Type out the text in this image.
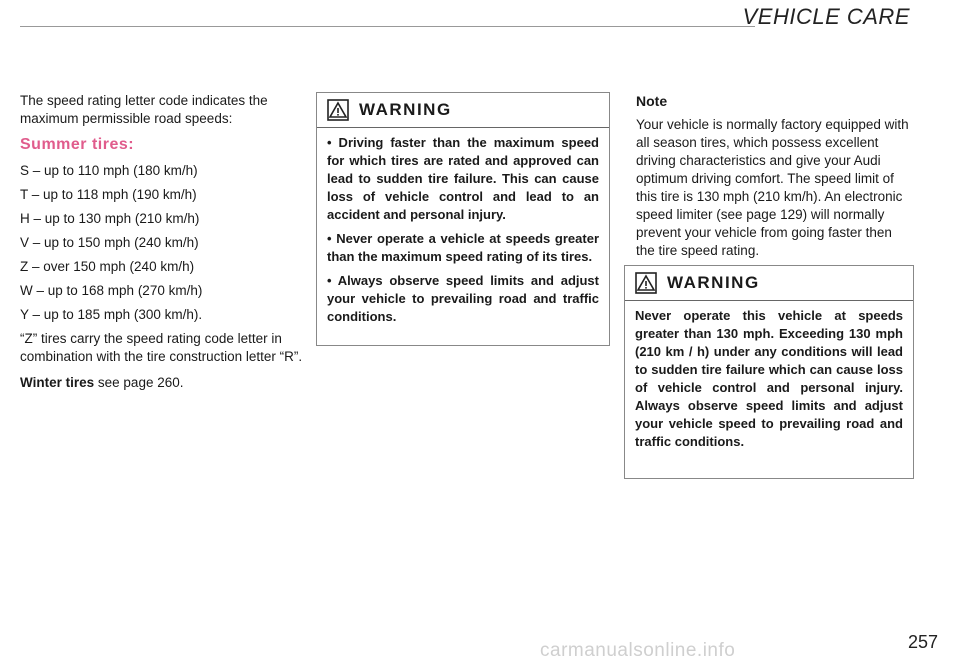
VEHICLE CARE

The speed rating letter code indicates the maximum permissible road speeds:

Summer tires:
S – up to 110 mph (180 km/h)
T – up to 118 mph (190 km/h)
H – up to 130 mph (210 km/h)
V – up to 150 mph (240 km/h)
Z – over 150 mph (240 km/h)
W – up to 168 mph (270 km/h)
Y – up to 185 mph (300 km/h).

“Z” tires carry the speed rating code letter in combination with the tire construction letter “R”.

Winter tires see page 260.

WARNING

• Driving faster than the maximum speed for which tires are rated and approved can lead to sudden tire failure. This can cause loss of vehicle control and lead to an accident and personal injury.

• Never operate a vehicle at speeds greater than the maximum speed rating of its tires.

• Always observe speed limits and adjust your vehicle to prevailing road and traffic conditions.

Note

Your vehicle is normally factory equipped with all season tires, which possess excellent driving characteristics and give your Audi optimum driving comfort. The speed limit of this tire is 130 mph (210 km/h). An electronic speed limiter (see page 129) will normally prevent your vehicle from going faster then the tire speed rating.

WARNING

Never operate this vehicle at speeds greater than 130 mph. Exceeding 130 mph (210 km / h) under any conditions will lead to sudden tire failure which can cause loss of vehicle control and personal injury. Always observe speed limits and adjust your vehicle speed to prevailing road and traffic conditions.

257
carmanualsonline.info
